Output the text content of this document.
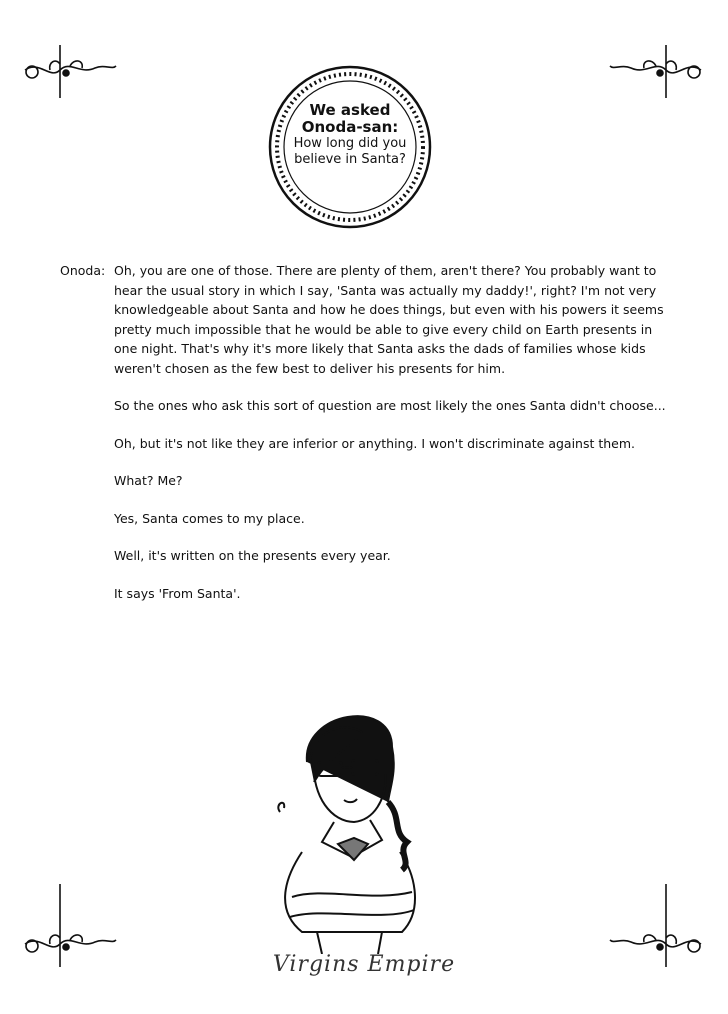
We asked
Onoda-san:
How long did you
believe in Santa?
Onoda: Oh, you are one of those. There are plenty of them, aren't there? You probably want to hear the usual story in which I say, 'Santa was actually my daddy!', right? I'm not very knowledgeable about Santa and how he does things, but even with his powers it seems pretty much impossible that he would be able to give every child on Earth presents in one night. That's why it's more likely that Santa asks the dads of families whose kids weren't chosen as the few best to deliver his presents for him.

So the ones who ask this sort of question are most likely the ones Santa didn't choose...

Oh, but it's not like they are inferior or anything. I won't discriminate against them.

What? Me?

Yes, Santa comes to my place.

Well, it's written on the presents every year.

It says 'From Santa'.

Virgins Empire
